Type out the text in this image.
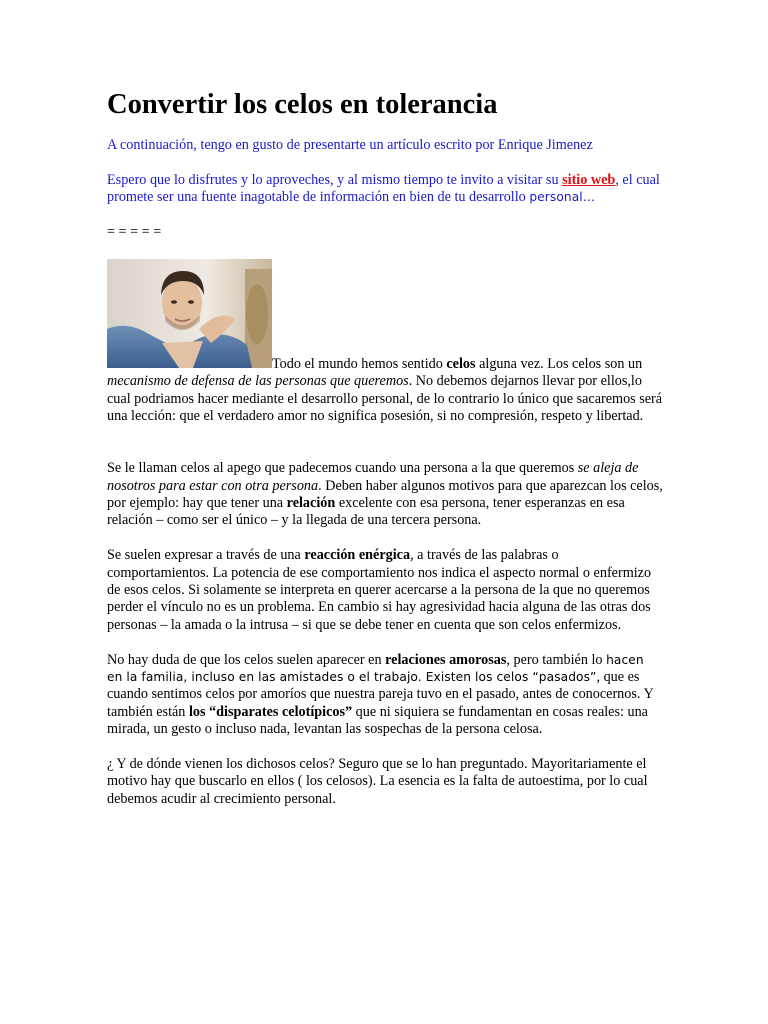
Convertir los celos en tolerancia

A continuación, tengo en gusto de presentarte un artículo escrito por Enrique Jimenez

Espero que lo disfrutes y lo aproveches, y al mismo tiempo te invito a visitar su sitio web, el cual promete ser una fuente inagotable de información en bien de tu desarrollo personal…

= = = = =

Todo el mundo hemos sentido celos alguna vez. Los celos son un mecanismo de defensa de las personas que queremos. No debemos dejarnos llevar por ellos,lo cual podriamos hacer mediante el desarrollo personal, de lo contrario lo único que sacaremos será una lección: que el verdadero amor no significa posesión, si no compresión, respeto y libertad.

Se le llaman celos al apego que padecemos cuando una persona a la que queremos se aleja de nosotros para estar con otra persona. Deben haber algunos motivos para que aparezcan los celos, por ejemplo: hay que tener una relación excelente con esa persona, tener esperanzas en esa relación – como ser el único – y la llegada de una tercera persona.

Se suelen expresar a través de una reacción enérgica, a través de las palabras o comportamientos. La potencia de ese comportamiento nos indica el aspecto normal o enfermizo de esos celos. Si solamente se interpreta en querer acercarse a la persona de la que no queremos perder el vínculo no es un problema. En cambio si hay agresividad hacia alguna de las otras dos personas – la amada o la intrusa – si que se debe tener en cuenta que son celos enfermizos.

No hay duda de que los celos suelen aparecer en relaciones amorosas, pero también lo hacen en la familia, incluso en las amistades o el trabajo. Existen los celos “pasados”, que es cuando sentimos celos por amoríos que nuestra pareja tuvo en el pasado, antes de conocernos. Y también están los “disparates celotípicos” que ni siquiera se fundamentan en cosas reales: una mirada, un gesto o incluso nada, levantan las sospechas de la persona celosa.

¿ Y de dónde vienen los dichosos celos? Seguro que se lo han preguntado. Mayoritariamente el motivo hay que buscarlo en ellos ( los celosos). La esencia es la falta de autoestima, por lo cual debemos acudir al crecimiento personal.
